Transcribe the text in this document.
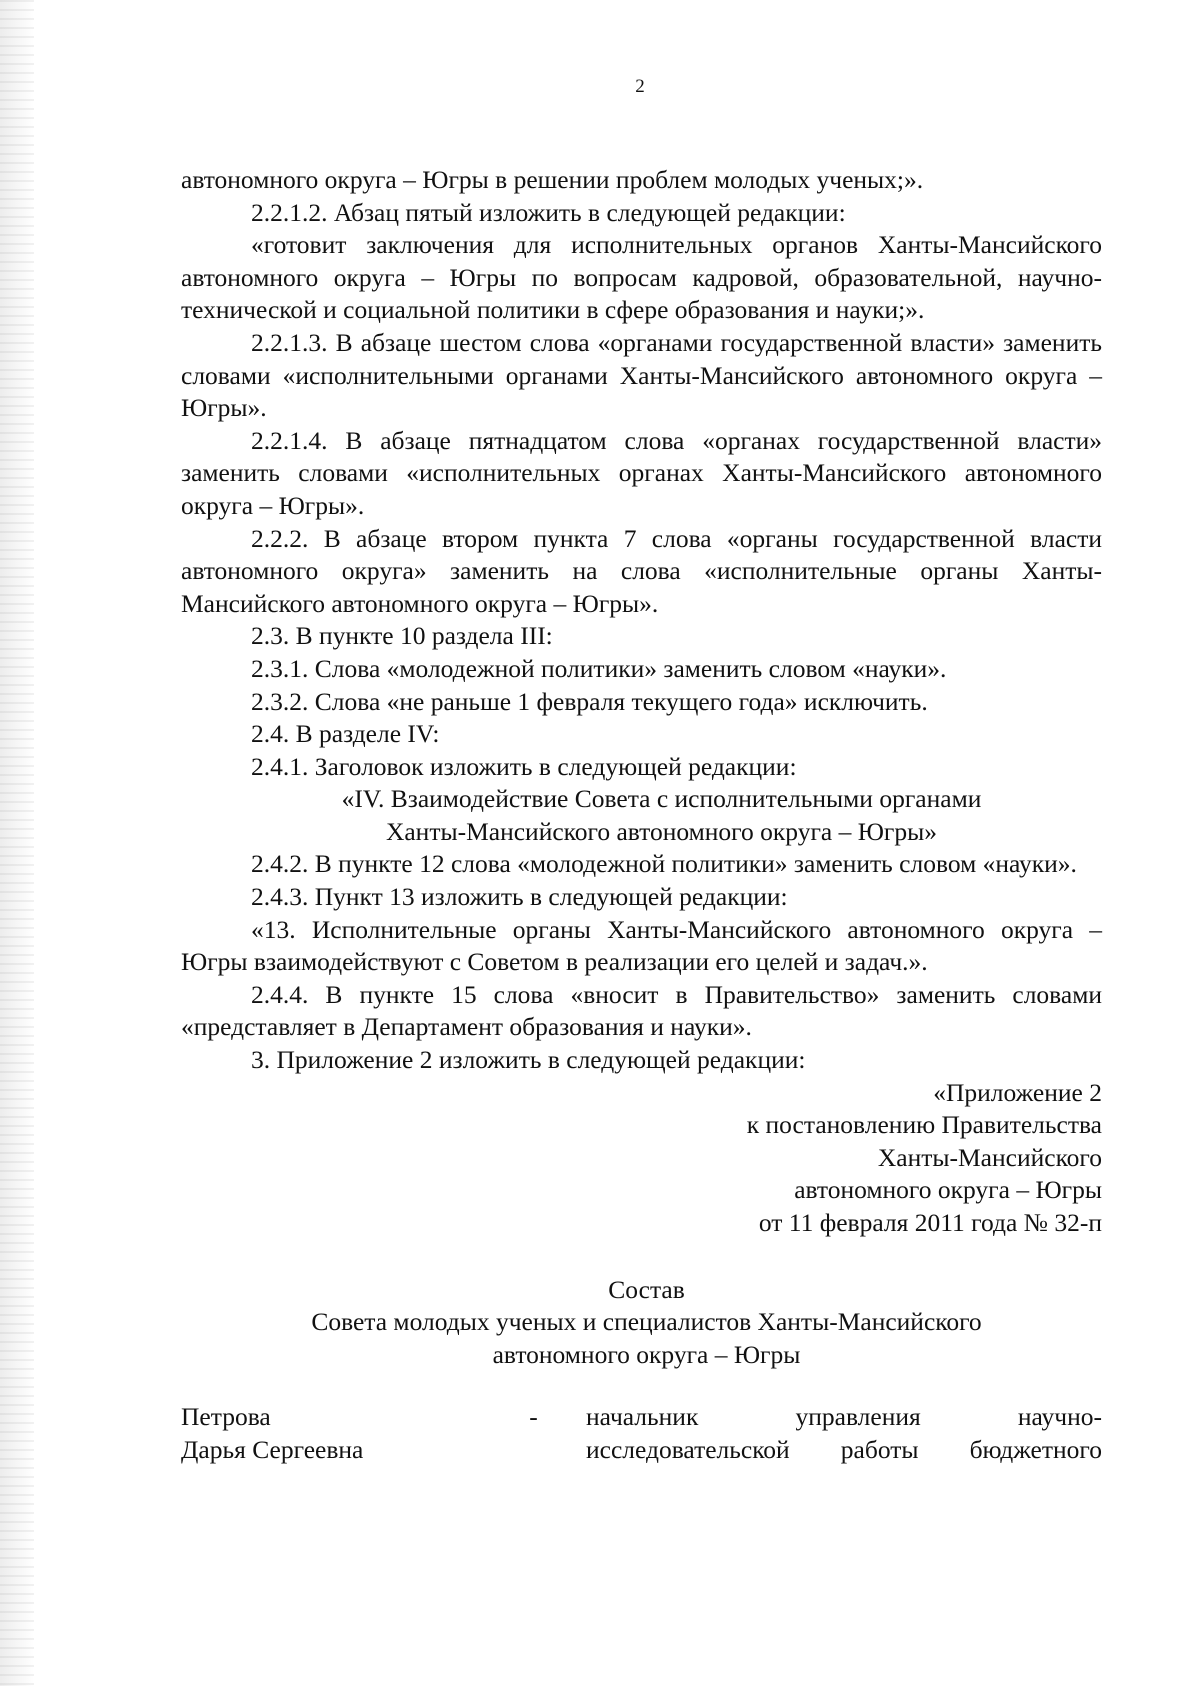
2

автономного округа – Югры в решении проблем молодых ученых;».

2.2.1.2. Абзац пятый изложить в следующей редакции:

«готовит заключения для исполнительных органов Ханты-Мансийского автономного округа – Югры по вопросам кадровой, образовательной, научно-технической и социальной политики в сфере образования и науки;».

2.2.1.3. В абзаце шестом слова «органами государственной власти» заменить словами «исполнительными органами Ханты-Мансийского автономного округа – Югры».

2.2.1.4. В абзаце пятнадцатом слова «органах государственной власти» заменить словами «исполнительных органах Ханты-Мансийского автономного округа – Югры».

2.2.2. В абзаце втором пункта 7 слова «органы государственной власти автономного округа» заменить на слова «исполнительные органы Ханты-Мансийского автономного округа – Югры».

2.3. В пункте 10 раздела III:

2.3.1. Слова «молодежной политики» заменить словом «науки».

2.3.2. Слова «не раньше 1 февраля текущего года» исключить.

2.4. В разделе IV:

2.4.1. Заголовок изложить в следующей редакции:

«IV. Взаимодействие Совета с исполнительными органами

Ханты-Мансийского автономного округа – Югры»

2.4.2. В пункте 12 слова «молодежной политики» заменить словом «науки».

2.4.3. Пункт 13 изложить в следующей редакции:

«13. Исполнительные органы Ханты-Мансийского автономного округа – Югры взаимодействуют с Советом в реализации его целей и задач.».

2.4.4. В пункте 15 слова «вносит в Правительство» заменить словами «представляет в Департамент образования и науки».

3. Приложение 2 изложить в следующей редакции:

«Приложение 2

к постановлению Правительства

Ханты-Мансийского

автономного округа – Югры

от 11 февраля 2011 года № 32-п

Состав

Совета молодых ученых и специалистов Ханты-Мансийского

автономного округа – Югры

Петрова

Дарья Сергеевна

-	начальник управления научно-

исследовательской работы бюджетного
